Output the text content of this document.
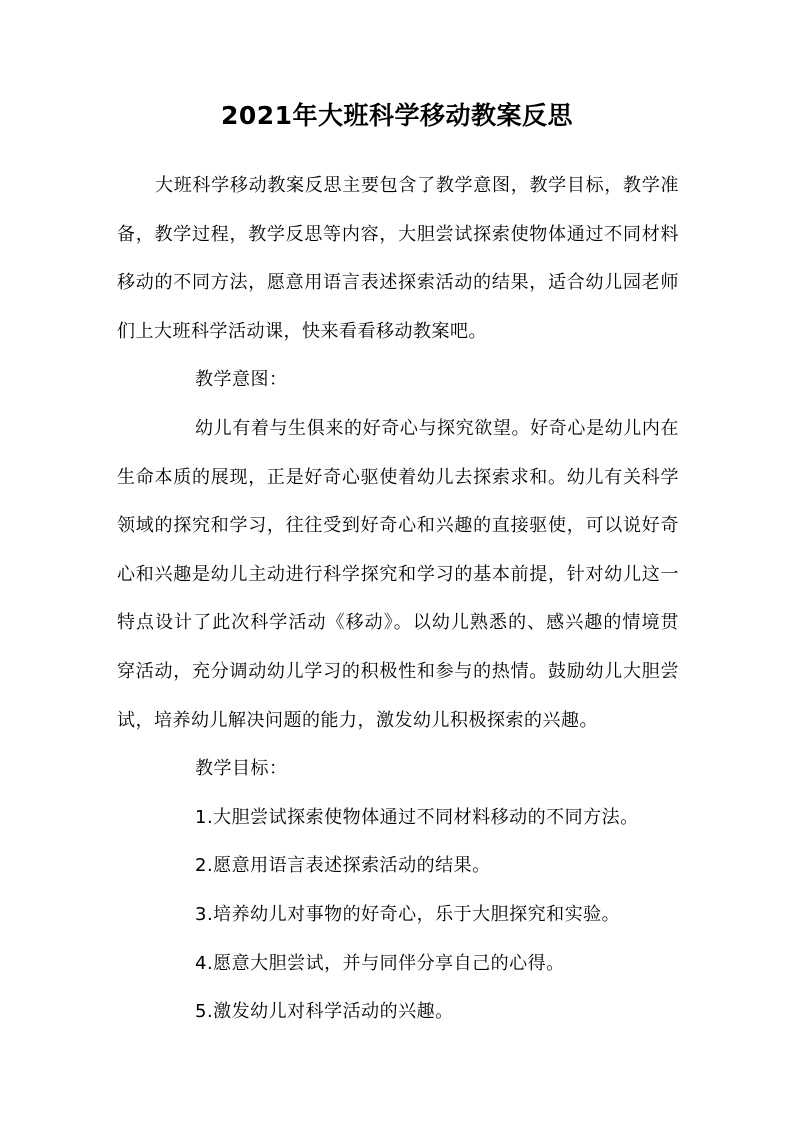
2021年大班科学移动教案反思

大班科学移动教案反思主要包含了教学意图，教学目标，教学准备，教学过程，教学反思等内容，大胆尝试探索使物体通过不同材料移动的不同方法，愿意用语言表述探索活动的结果，适合幼儿园老师们上大班科学活动课，快来看看移动教案吧。

教学意图：

幼儿有着与生俱来的好奇心与探究欲望。好奇心是幼儿内在生命本质的展现，正是好奇心驱使着幼儿去探索求和。幼儿有关科学领域的探究和学习，往往受到好奇心和兴趣的直接驱使，可以说好奇心和兴趣是幼儿主动进行科学探究和学习的基本前提，针对幼儿这一特点设计了此次科学活动《移动》。以幼儿熟悉的、感兴趣的情境贯穿活动，充分调动幼儿学习的积极性和参与的热情。鼓励幼儿大胆尝试，培养幼儿解决问题的能力，激发幼儿积极探索的兴趣。

教学目标：

1.大胆尝试探索使物体通过不同材料移动的不同方法。

2.愿意用语言表述探索活动的结果。

3.培养幼儿对事物的好奇心，乐于大胆探究和实验。

4.愿意大胆尝试，并与同伴分享自己的心得。

5.激发幼儿对科学活动的兴趣。
